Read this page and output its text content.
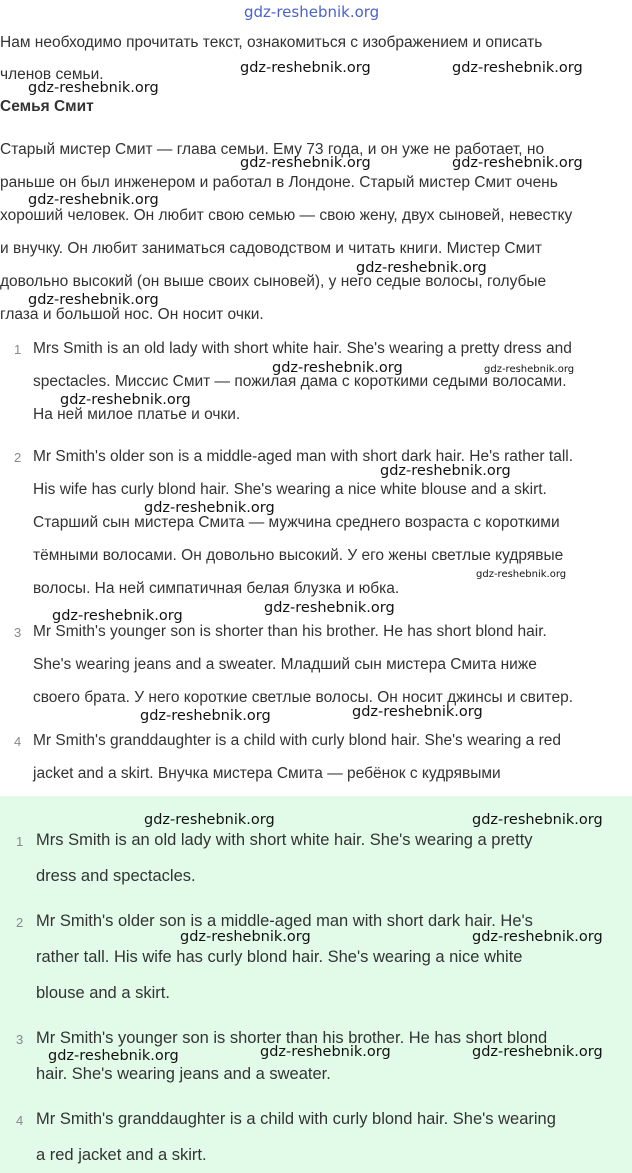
Нам необходимо прочитать текст, ознакомиться с изображением и описать
членов семьи.
Семья Смит
Старый мистер Смит — глава семьи. Ему 73 года, и он уже не работает, но
раньше он был инженером и работал в Лондоне. Старый мистер Смит очень
хороший человек. Он любит свою семью — свою жену, двух сыновей, невестку
и внучку. Он любит заниматься садоводством и читать книги. Мистер Смит
довольно высокий (он выше своих сыновей), у него седые волосы, голубые
глаза и большой нос. Он носит очки.
1 Mrs Smith is an old lady with short white hair. She's wearing a pretty dress and
spectacles. Миссис Смит — пожилая дама с короткими седыми волосами.
На ней милое платье и очки.
2 Mr Smith's older son is a middle-aged man with short dark hair. He's rather tall.
His wife has curly blond hair. She's wearing a nice white blouse and a skirt.
Старший сын мистера Смита — мужчина среднего возраста с короткими
тёмными волосами. Он довольно высокий. У его жены светлые кудрявые
волосы. На ней симпатичная белая блузка и юбка.
3 Mr Smith's younger son is shorter than his brother. He has short blond hair.
She's wearing jeans and a sweater. Младший сын мистера Смита ниже
своего брата. У него короткие светлые волосы. Он носит джинсы и свитер.
4 Mr Smith's granddaughter is a child with curly blond hair. She's wearing a red
jacket and a skirt. Внучка мистера Смита — ребёнок с кудрявыми
1 Mrs Smith is an old lady with short white hair. She's wearing a pretty
dress and spectacles.
2 Mr Smith's older son is a middle-aged man with short dark hair. He's
rather tall. His wife has curly blond hair. She's wearing a nice white
blouse and a skirt.
3 Mr Smith's younger son is shorter than his brother. He has short blond
hair. She's wearing jeans and a sweater.
4 Mr Smith's granddaughter is a child with curly blond hair. She's wearing
a red jacket and a skirt.
gdz-reshebnik.org
gdz-reshebnik.org	gdz-reshebnik.org
gdz-reshebnik.org
gdz-reshebnik.org	gdz-reshebnik.org
gdz-reshebnik.org
gdz-reshebnik.org
gdz-reshebnik.org
gdz-reshebnik.org	gdz-reshebnik.org
gdz-reshebnik.org
gdz-reshebnik.org
gdz-reshebnik.org
gdz-reshebnik.org
gdz-reshebnik.org
gdz-reshebnik.org
gdz-reshebnik.org
gdz-reshebnik.org
gdz-reshebnik.org	gdz-reshebnik.org
gdz-reshebnik.org	gdz-reshebnik.org
gdz-reshebnik.org	gdz-reshebnik.org
gdz-reshebnik.org
